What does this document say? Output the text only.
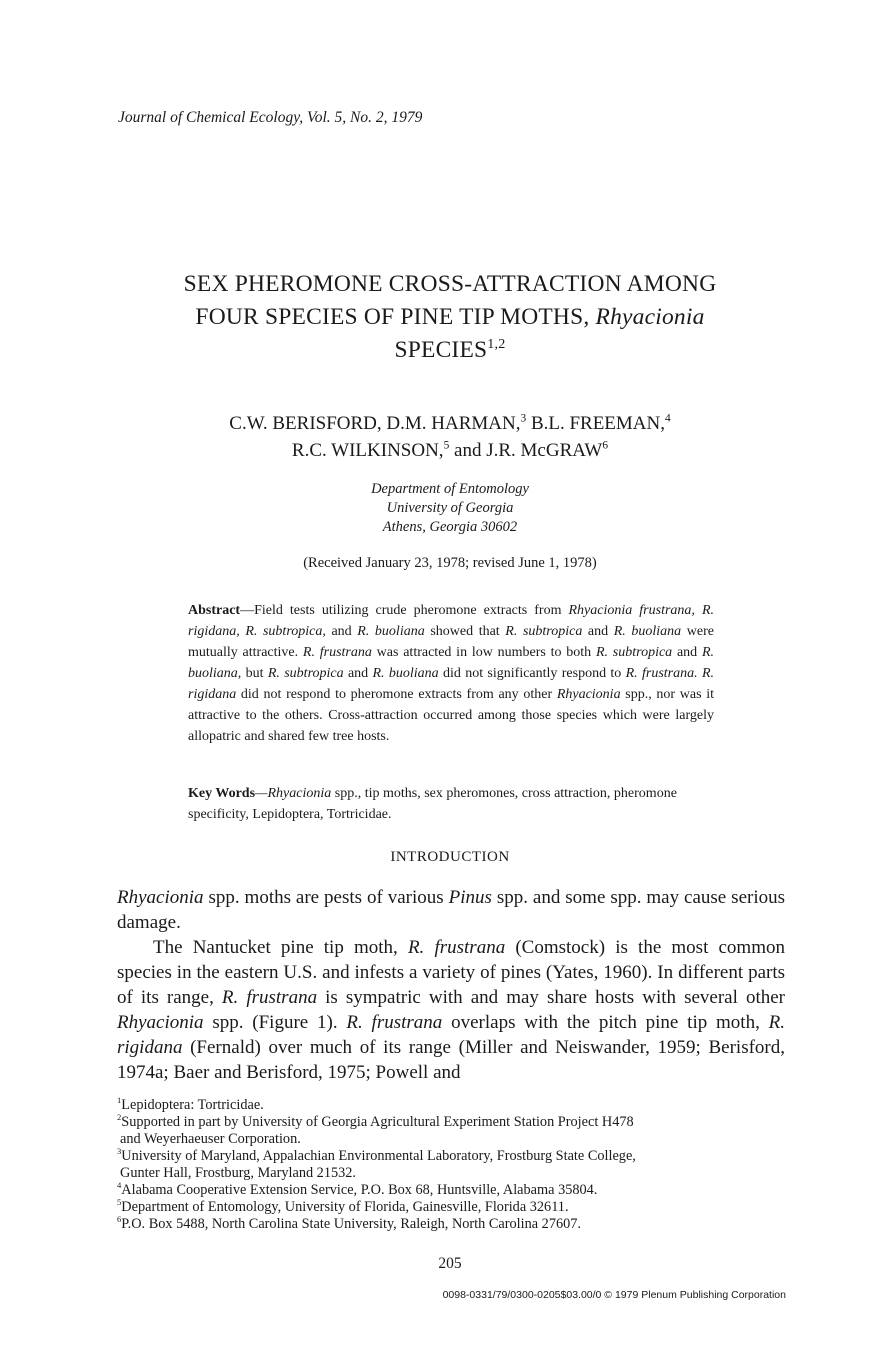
Journal of Chemical Ecology, Vol. 5, No. 2, 1979
SEX PHEROMONE CROSS-ATTRACTION AMONG
FOUR SPECIES OF PINE TIP MOTHS, Rhyacionia
SPECIES$^{1,2}$
C.W. BERISFORD, D.M. HARMAN,$^3$ B.L. FREEMAN,$^4$
R.C. WILKINSON,$^5$ and J.R. McGRAW$^6$
Department of Entomology
University of Georgia
Athens, Georgia 30602
(Received January 23, 1978; revised June 1, 1978)
Abstract—Field tests utilizing crude pheromone extracts from Rhyacionia frustrana, R. rigidana, R. subtropica, and R. buoliana showed that R. subtropica and R. buoliana were mutually attractive. R. frustrana was attracted in low numbers to both R. subtropica and R. buoliana, but R. subtropica and R. buoliana did not significantly respond to R. frustrana. R. rigidana did not respond to pheromone extracts from any other Rhyacionia spp., nor was it attractive to the others. Cross-attraction occurred among those species which were largely allopatric and shared few tree hosts.
Key Words—Rhyacionia spp., tip moths, sex pheromones, cross attraction, pheromone specificity, Lepidoptera, Tortricidae.
INTRODUCTION

Rhyacionia spp. moths are pests of various Pinus spp. and some spp. may cause serious damage.

The Nantucket pine tip moth, R. frustrana (Comstock) is the most common species in the eastern U.S. and infests a variety of pines (Yates, 1960). In different parts of its range, R. frustrana is sympatric with and may share hosts with several other Rhyacionia spp. (Figure 1). R. frustrana overlaps with the pitch pine tip moth, R. rigidana (Fernald) over much of its range (Miller and Neiswander, 1959; Berisford, 1974a; Baer and Berisford, 1975; Powell and

$^1$Lepidoptera: Tortricidae.
$^2$Supported in part by University of Georgia Agricultural Experiment Station Project H478
and Weyerhaeuser Corporation.
$^3$University of Maryland, Appalachian Environmental Laboratory, Frostburg State College,
Gunter Hall, Frostburg, Maryland 21532.
$^4$Alabama Cooperative Extension Service, P.O. Box 68, Huntsville, Alabama 35804.
$^5$Department of Entomology, University of Florida, Gainesville, Florida 32611.
$^6$P.O. Box 5488, North Carolina State University, Raleigh, North Carolina 27607.
205
0098-0331/79/0300-0205$03.00/0 © 1979 Plenum Publishing Corporation
